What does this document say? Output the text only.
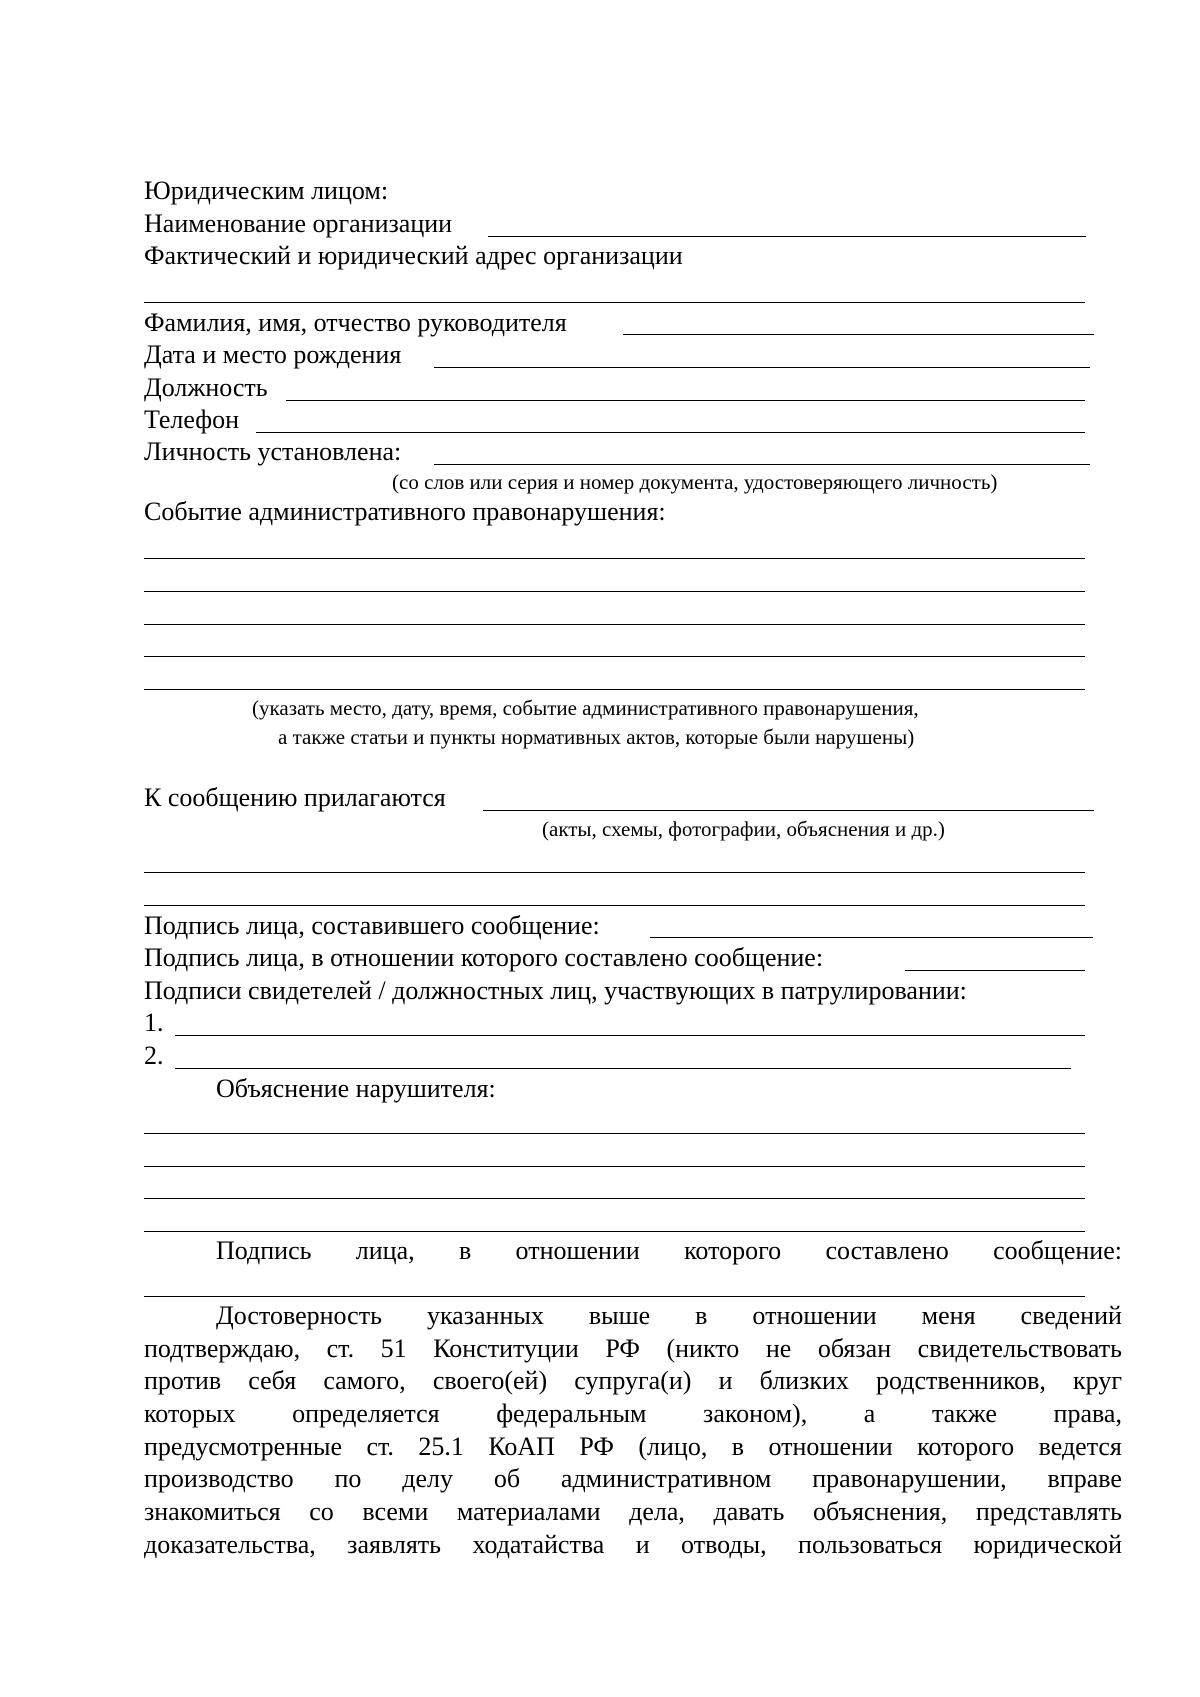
Юридическим лицом:
Наименование организации
Фактический и юридический адрес организации
Фамилия, имя, отчество руководителя
Дата и место рождения
Должность
Телефон
Личность установлена:
(со слов или серия и номер документа, удостоверяющего личность)
Событие административного правонарушения:
(указать место, дату, время, событие административного правонарушения,
а также статьи и пункты нормативных актов, которые были нарушены)
К сообщению прилагаются
(акты, схемы, фотографии, объяснения и др.)
Подпись лица, составившего сообщение:
Подпись лица, в отношении которого составлено сообщение:
Подписи свидетелей / должностных лиц, участвующих в патрулировании:
1.
2.
Объяснение нарушителя:
Подпись лица, в отношении которого составлено сообщение:
Достоверность указанных выше в отношении меня сведений
подтверждаю, ст. 51 Конституции РФ (никто не обязан свидетельствовать
против себя самого, своего(ей) супруга(и) и близких родственников, круг
которых определяется федеральным законом), а также права,
предусмотренные ст. 25.1 КоАП РФ (лицо, в отношении которого ведется
производство по делу об административном правонарушении, вправе
знакомиться со всеми материалами дела, давать объяснения, представлять
доказательства, заявлять ходатайства и отводы, пользоваться юридической
